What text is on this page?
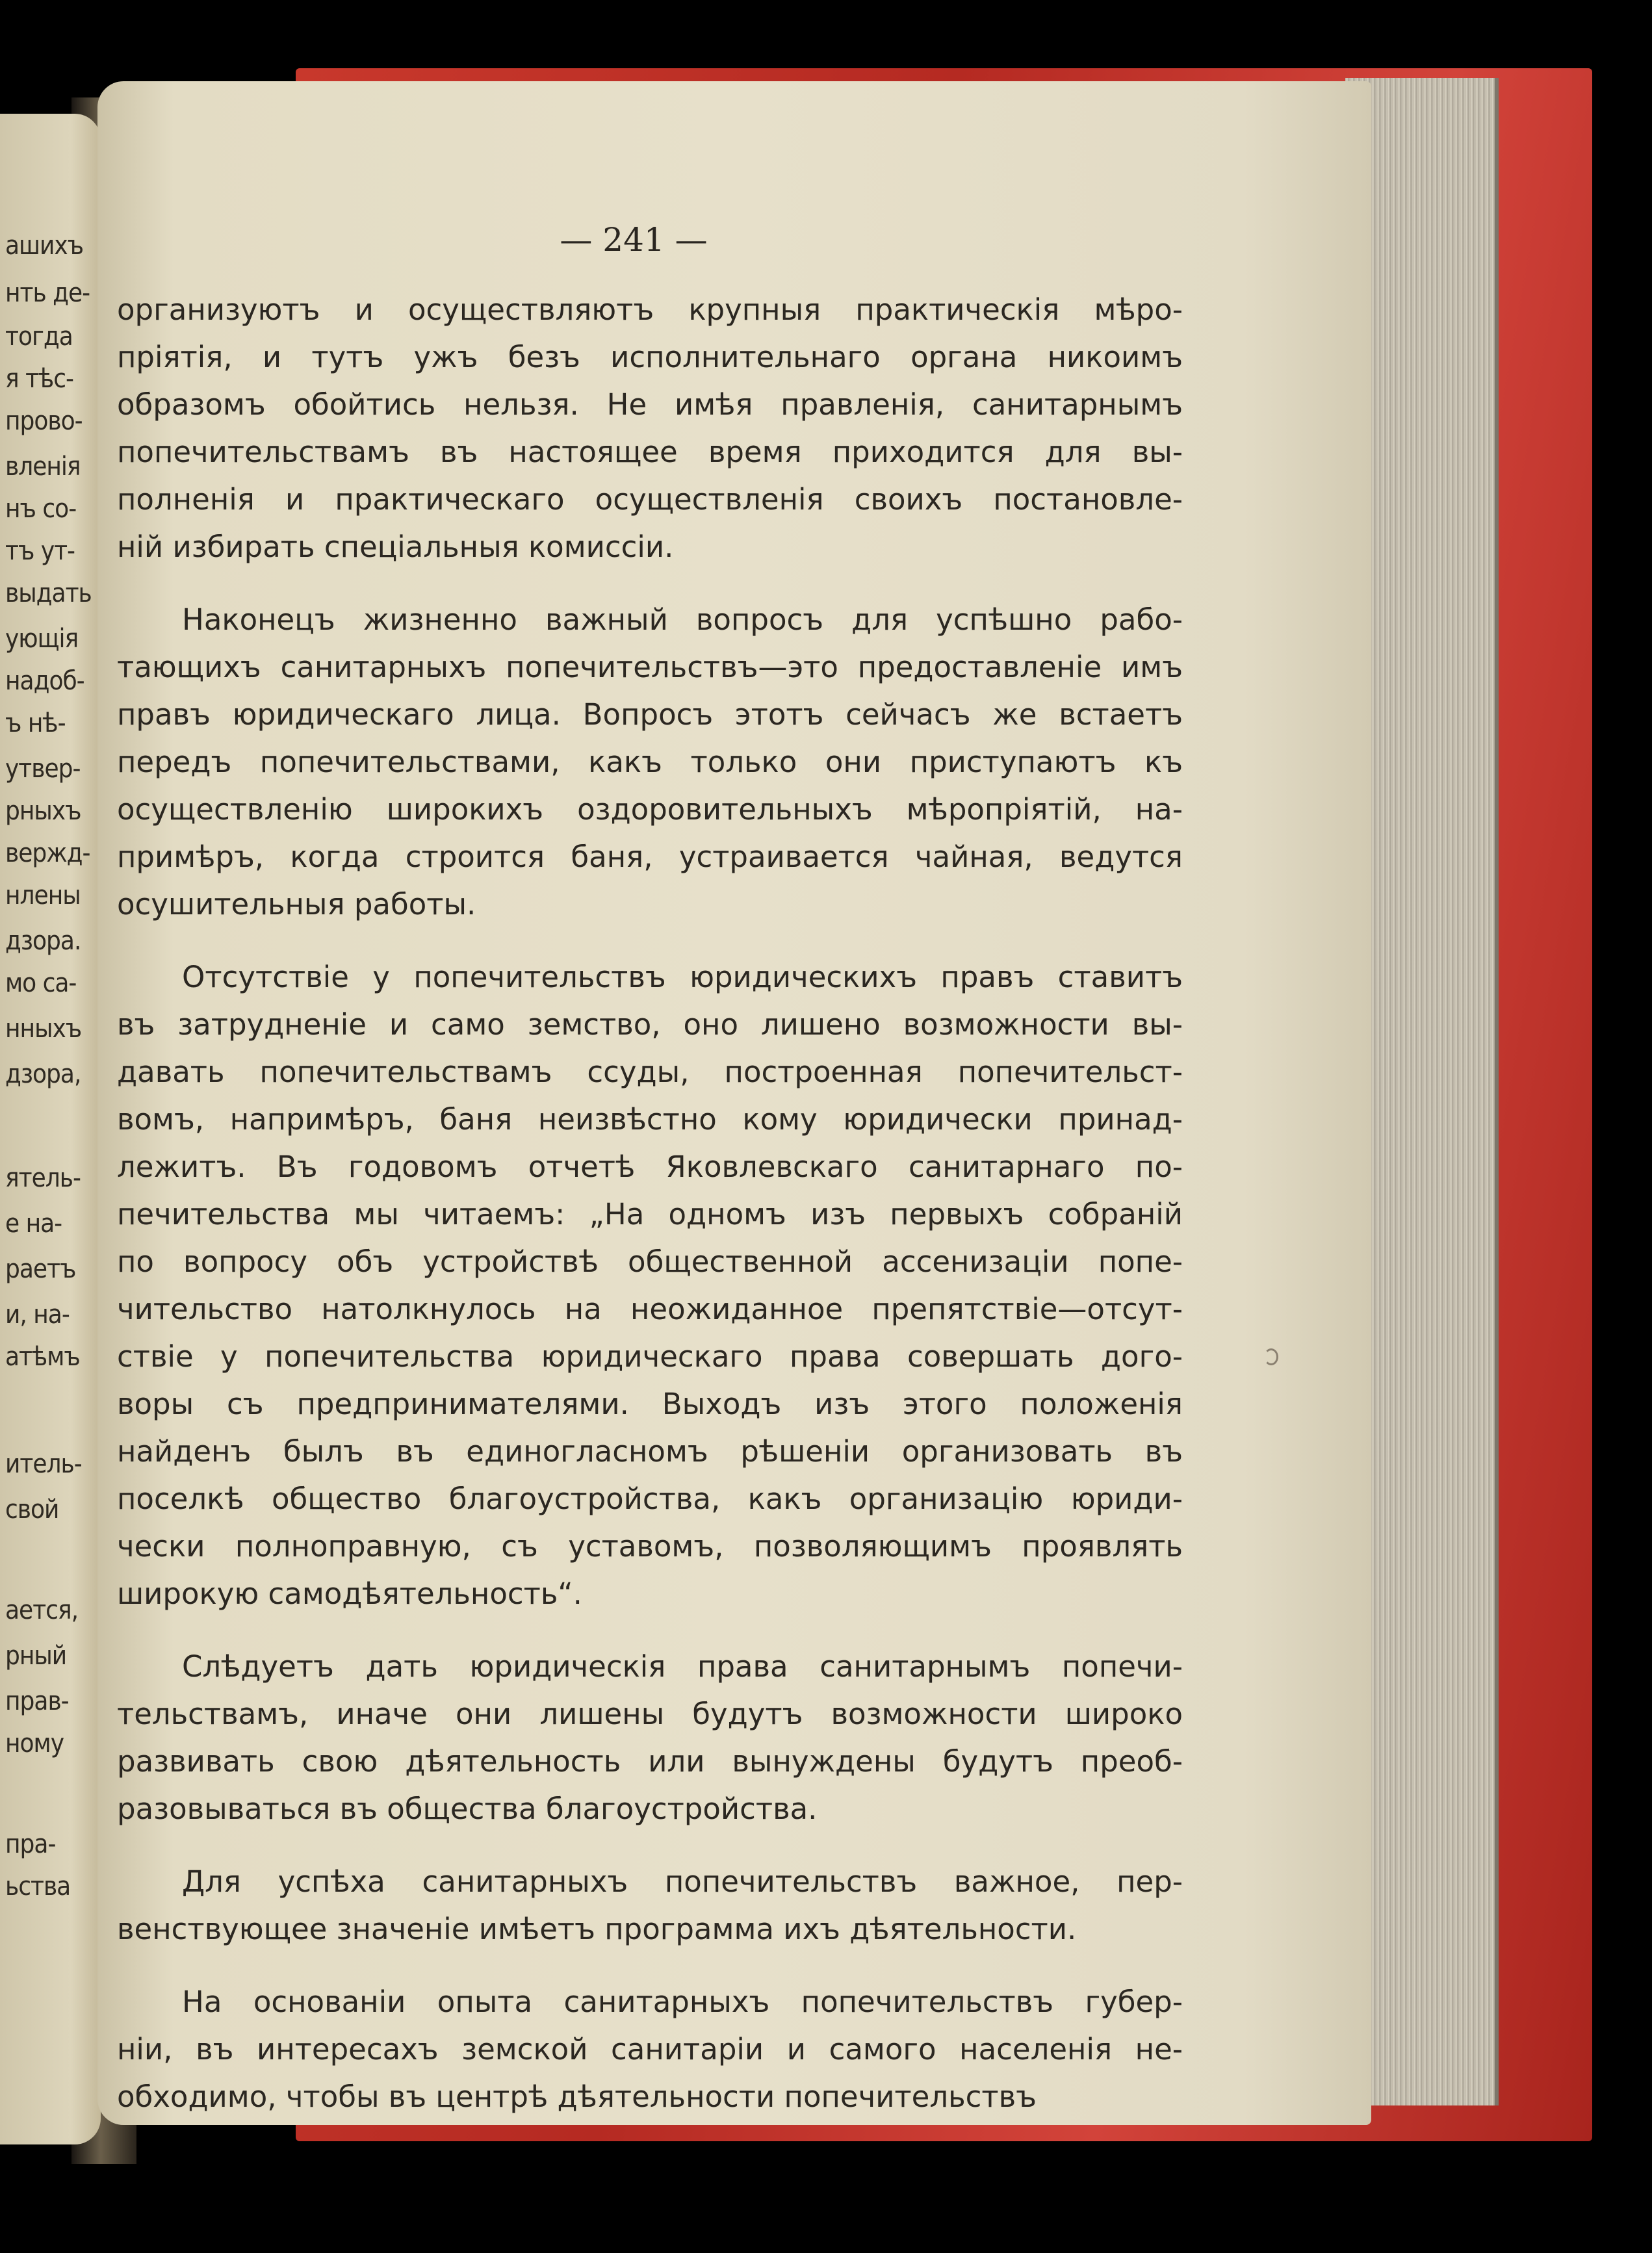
ашихъ
нть де-
тогда
я тѣс-
прово-
вленія
нъ со-
тъ ут-
выдать
ующія
надоб-
ъ нѣ-
утвер-
рныхъ
вержд-
нлены
дзора.
мо са-
нныхъ
дзора,
ятель-
е на-
раетъ
и, на-
атѣмъ
итель-
свой
ается,
рный
прав-
ному
пра-
ьства
— 241 —
организуютъ и осуществляютъ крупныя практическія мѣро-
пріятія, и тутъ ужъ безъ исполнительнаго органа никоимъ
образомъ обойтись нельзя. Не имѣя правленія, санитарнымъ
попечительствамъ въ настоящее время приходится для вы-
полненія и практическаго осуществленія своихъ постановле-
ній избирать спеціальныя комиссіи.
Наконецъ жизненно важный вопросъ для успѣшно рабо-
тающихъ санитарныхъ попечительствъ—это предоставленіе имъ
правъ юридическаго лица. Вопросъ этотъ сейчасъ же встаетъ
передъ попечительствами, какъ только они приступаютъ къ
осуществленію широкихъ оздоровительныхъ мѣропріятій, на-
примѣръ, когда строится баня, устраивается чайная, ведутся
осушительныя работы.
Отсутствіе у попечительствъ юридическихъ правъ ставитъ
въ затрудненіе и само земство, оно лишено возможности вы-
давать попечительствамъ ссуды, построенная попечительст-
вомъ, напримѣръ, баня неизвѣстно кому юридически принад-
лежитъ. Въ годовомъ отчетѣ Яковлевскаго санитарнаго по-
печительства мы читаемъ: „На одномъ изъ первыхъ собраній
по вопросу объ устройствѣ общественной ассенизаціи попе-
чительство натолкнулось на неожиданное препятствіе—отсут-
ствіе у попечительства юридическаго права совершать дого-
воры съ предпринимателями. Выходъ изъ этого положенія
найденъ былъ въ единогласномъ рѣшеніи организовать въ
поселкѣ общество благоустройства, какъ организацію юриди-
чески полноправную, съ уставомъ, позволяющимъ проявлять
широкую самодѣятельность“.
Слѣдуетъ дать юридическія права санитарнымъ попечи-
тельствамъ, иначе они лишены будутъ возможности широко
развивать свою дѣятельность или вынуждены будутъ преоб-
разовываться въ общества благоустройства.
Для успѣха санитарныхъ попечительствъ важное, пер-
венствующее значеніе имѣетъ программа ихъ дѣятельности.
На основаніи опыта санитарныхъ попечительствъ губер-
ніи, въ интересахъ земской санитаріи и самого населенія не-
обходимо, чтобы въ центрѣ дѣятельности попечительствъ
